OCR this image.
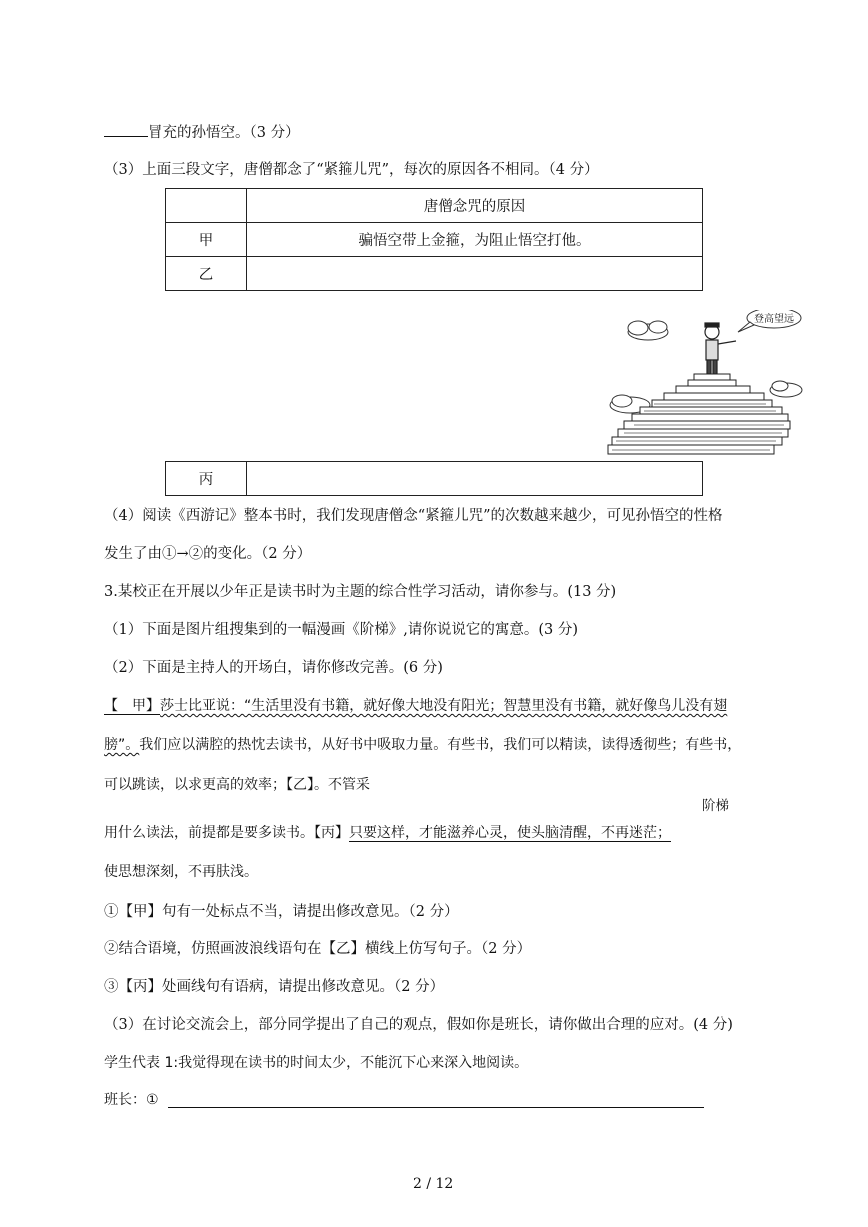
冒充的孙悟空。（3 分）
（3）上面三段文字，唐僧都念了“紧箍儿咒”，每次的原因各不相同。（4 分）
	唐僧念咒的原因
甲	骗悟空带上金箍，为阻止悟空打他。
乙	
登高望远
丙	
（4）阅读《西游记》整本书时，我们发现唐僧念“紧箍儿咒”的次数越来越少，可见孙悟空的性格
发生了由①→②的变化。（2 分）
3.某校正在开展以少年正是读书时为主题的综合性学习活动，请你参与。(13 分)
（1）下面是图片组搜集到的一幅漫画《阶梯》,请你说说它的寓意。(3 分)
（2）下面是主持人的开场白，请你修改完善。(6 分)
【　甲】莎士比亚说：“生活里没有书籍，就好像大地没有阳光；智慧里没有书籍，就好像鸟儿没有翅
膀”。我们应以满腔的热忱去读书，从好书中吸取力量。有些书，我们可以精读，读得透彻些；有些书，
可以跳读，以求更高的效率；【乙】。不管采
阶梯
用什么读法，前提都是要多读书。【丙】只要这样，才能滋养心灵，使头脑清醒，不再迷茫；
使思想深刻，不再肤浅。
①【甲】句有一处标点不当，请提出修改意见。（2 分）
②结合语境，仿照画波浪线语句在【乙】横线上仿写句子。（2 分）
③【丙】处画线句有语病，请提出修改意见。（2 分）
（3）在讨论交流会上，部分同学提出了自己的观点，假如你是班长，请你做出合理的应对。(4 分)
学生代表 1:我觉得现在读书的时间太少，不能沉下心来深入地阅读。
班长：①
2 / 12
